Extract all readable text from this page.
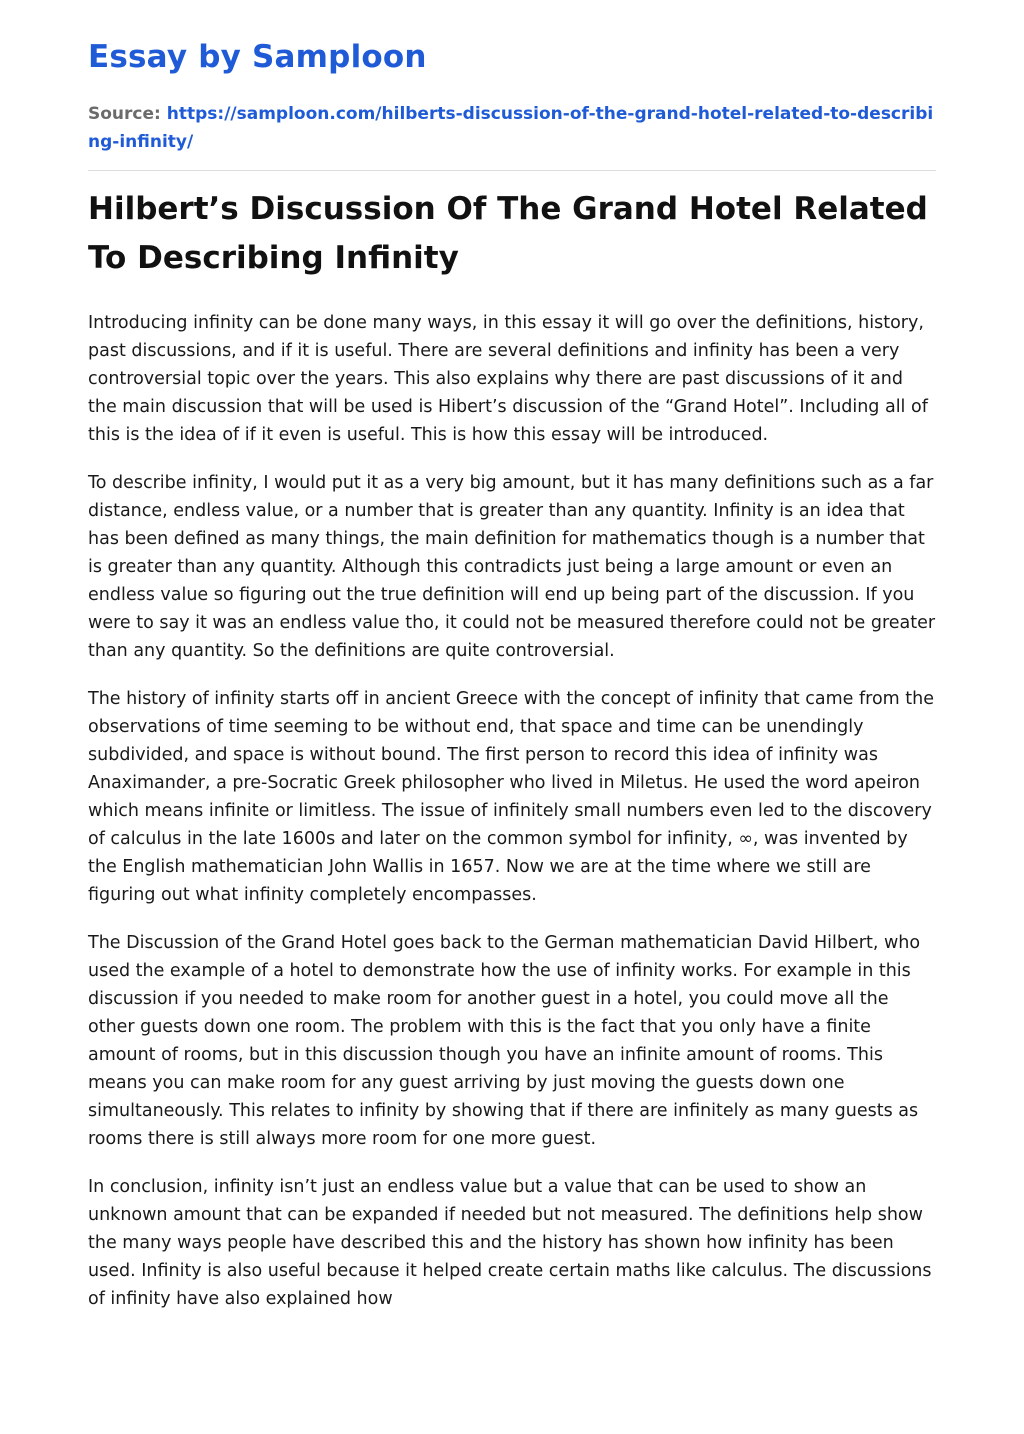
Essay by Samploon
Source: https://samploon.com/hilberts-discussion-of-the-grand-hotel-related-to-describing-infinity/
Hilbert’s Discussion Of The Grand Hotel Related To Describing Infinity

Introducing infinity can be done many ways, in this essay it will go over the definitions, history, past discussions, and if it is useful. There are several definitions and infinity has been a very controversial topic over the years. This also explains why there are past discussions of it and the main discussion that will be used is Hibert’s discussion of the “Grand Hotel”. Including all of this is the idea of if it even is useful. This is how this essay will be introduced.

To describe infinity, I would put it as a very big amount, but it has many definitions such as a far distance, endless value, or a number that is greater than any quantity. Infinity is an idea that has been defined as many things, the main definition for mathematics though is a number that is greater than any quantity. Although this contradicts just being a large amount or even an endless value so figuring out the true definition will end up being part of the discussion. If you were to say it was an endless value tho, it could not be measured therefore could not be greater than any quantity. So the definitions are quite controversial.

The history of infinity starts off in ancient Greece with the concept of infinity that came from the observations of time seeming to be without end, that space and time can be unendingly subdivided, and space is without bound. The first person to record this idea of infinity was Anaximander, a pre-Socratic Greek philosopher who lived in Miletus. He used the word apeiron which means infinite or limitless. The issue of infinitely small numbers even led to the discovery of calculus in the late 1600s and later on the common symbol for infinity, ∞, was invented by the English mathematician John Wallis in 1657. Now we are at the time where we still are figuring out what infinity completely encompasses.

The Discussion of the Grand Hotel goes back to the German mathematician David Hilbert, who used the example of a hotel to demonstrate how the use of infinity works. For example in this discussion if you needed to make room for another guest in a hotel, you could move all the other guests down one room. The problem with this is the fact that you only have a finite amount of rooms, but in this discussion though you have an infinite amount of rooms. This means you can make room for any guest arriving by just moving the guests down one simultaneously. This relates to infinity by showing that if there are infinitely as many guests as rooms there is still always more room for one more guest.

In conclusion, infinity isn’t just an endless value but a value that can be used to show an unknown amount that can be expanded if needed but not measured. The definitions help show the many ways people have described this and the history has shown how infinity has been used. Infinity is also useful because it helped create certain maths like calculus. The discussions of infinity have also explained how
